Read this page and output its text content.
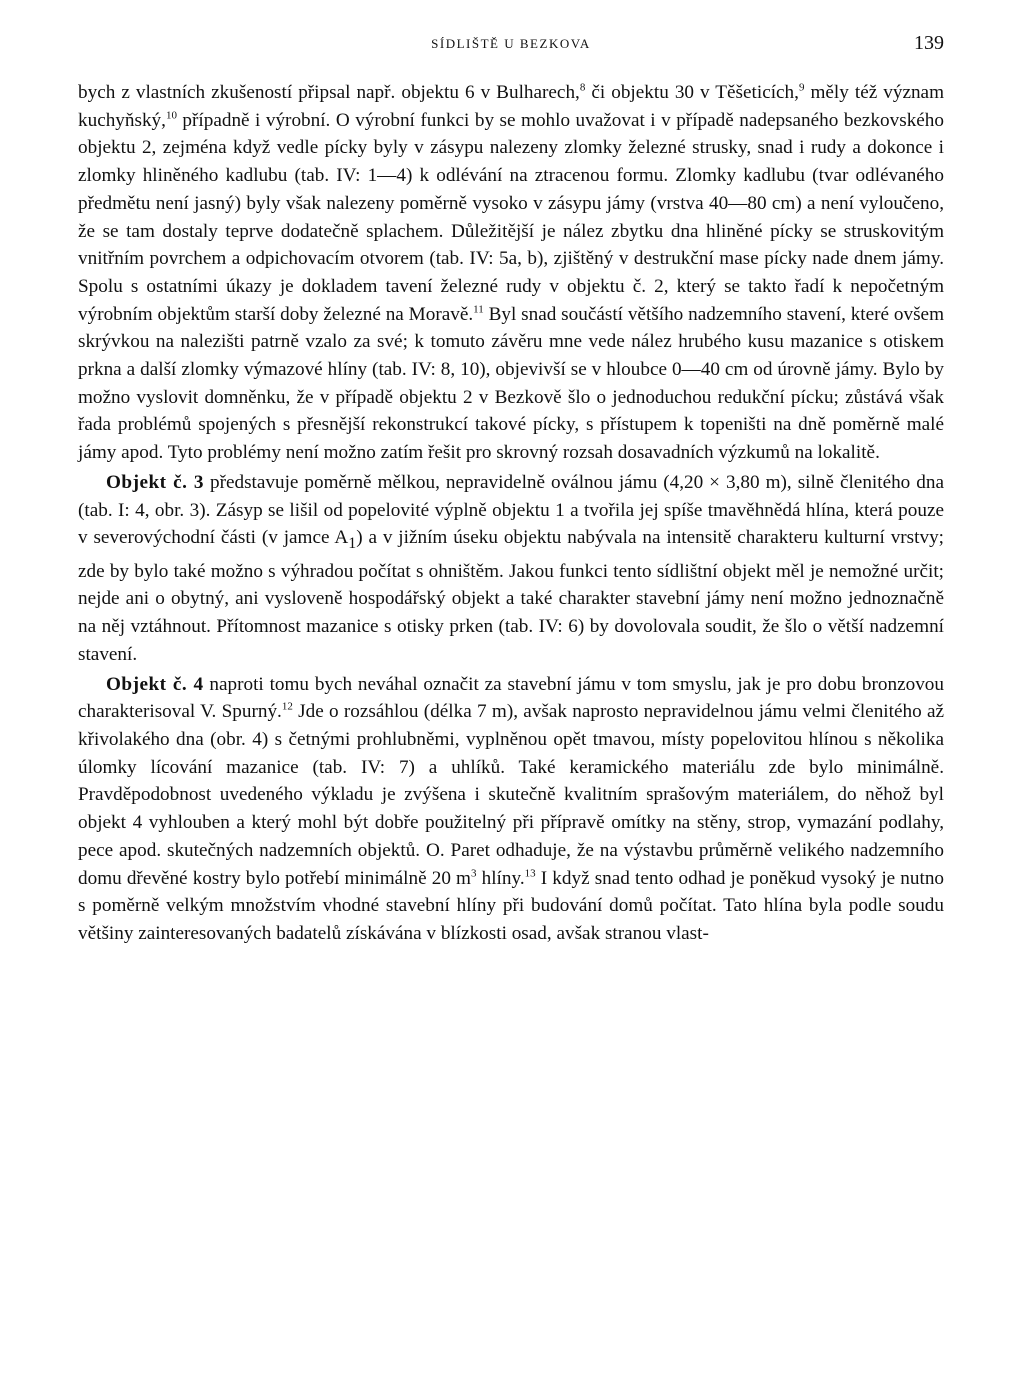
SÍDLIŠTĚ U BEZKOVA	139

bych z vlastních zkušeností připsal např. objektu 6 v Bulharech,$^8$ či objektu 30 v Těšeticích,$^9$ měly též význam kuchyňský,$^{10}$ případně i výrobní. O výrobní funkci by se mohlo uvažovat i v případě nadepsaného bezkovského objektu 2, zejména když vedle pícky byly v zásypu nalezeny zlomky železné strusky, snad i rudy a dokonce i zlomky hliněného kadlubu (tab. IV: 1—4) k odlévání na ztracenou formu. Zlomky kadlubu (tvar odlévaného předmětu není jasný) byly však nalezeny poměrně vysoko v zásypu jámy (vrstva 40—80 cm) a není vyloučeno, že se tam dostaly teprve dodatečně splachem. Důležitější je nález zbytku dna hliněné pícky se struskovitým vnitřním povrchem a odpichovacím otvorem (tab. IV: 5a, b), zjištěný v destrukční mase pícky nade dnem jámy. Spolu s ostatními úkazy je dokladem tavení železné rudy v objektu č. 2, který se takto řadí k nepočetným výrobním objektům starší doby železné na Moravě.$^{11}$ Byl snad součástí většího nadzemního stavení, které ovšem skrývkou na nalezišti patrně vzalo za své; k tomuto závěru mne vede nález hrubého kusu mazanice s otiskem prkna a další zlomky výmazové hlíny (tab. IV: 8, 10), objevivší se v hloubce 0—40 cm od úrovně jámy. Bylo by možno vyslovit domněnku, že v případě objektu 2 v Bezkově šlo o jednoduchou redukční pícku; zůstává však řada problémů spojených s přesnější rekonstrukcí takové pícky, s přístupem k topeništi na dně poměrně malé jámy apod. Tyto problémy není možno zatím řešit pro skrovný rozsah dosavadních výzkumů na lokalitě.

Objekt č. 3 představuje poměrně mělkou, nepravidelně oválnou jámu (4,20 × 3,80 m), silně členitého dna (tab. I: 4, obr. 3). Zásyp se lišil od popelovité výplně objektu 1 a tvořila jej spíše tmavěhnědá hlína, která pouze v severovýchodní části (v jamce $A_1$) a v jižním úseku objektu nabývala na intensitě charakteru kulturní vrstvy; zde by bylo také možno s výhradou počítat s ohništěm. Jakou funkci tento sídlištní objekt měl je nemožné určit; nejde ani o obytný, ani vysloveně hospodářský objekt a také charakter stavební jámy není možno jednoznačně na něj vztáhnout. Přítomnost mazanice s otisky prken (tab. IV: 6) by dovolovala soudit, že šlo o větší nadzemní stavení.

Objekt č. 4 naproti tomu bych neváhal označit za stavební jámu v tom smyslu, jak je pro dobu bronzovou charakterisoval V. Spurný.$^{12}$ Jde o rozsáhlou (délka 7 m), avšak naprosto nepravidelnou jámu velmi členitého až křivolakého dna (obr. 4) s četnými prohlubněmi, vyplněnou opět tmavou, místy popelovitou hlínou s několika úlomky lícování mazanice (tab. IV: 7) a uhlíků. Také keramického materiálu zde bylo minimálně. Pravděpodobnost uvedeného výkladu je zvýšena i skutečně kvalitním sprašovým materiálem, do něhož byl objekt 4 vyhlouben a který mohl být dobře použitelný při přípravě omítky na stěny, strop, vymazání podlahy, pece apod. skutečných nadzemních objektů. O. Paret odhaduje, že na výstavbu průměrně velikého nadzemního domu dřevěné kostry bylo potřebí minimálně 20 $m^3$ hlíny.$^{13}$ I když snad tento odhad je poněkud vysoký je nutno s poměrně velkým množstvím vhodné stavební hlíny při budování domů počítat. Tato hlína byla podle soudu většiny zainteresovaných badatelů získávána v blízkosti osad, avšak stranou vlast-
